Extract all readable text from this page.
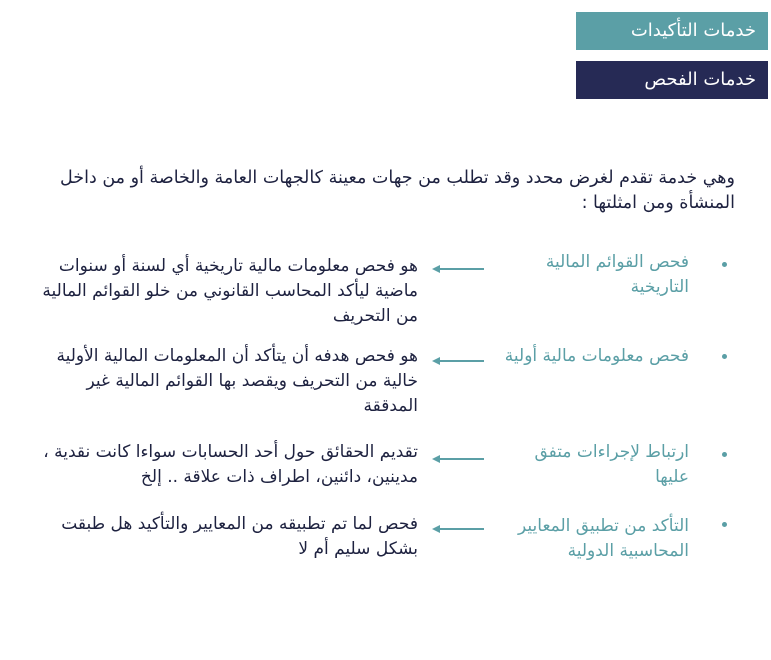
خدمات التأكيدات
خدمات الفحص
وهي خدمة تقدم لغرض محدد وقد تطلب من جهات معينة كالجهات العامة والخاصة أو من داخل المنشأة ومن امثلتها :
فحص القوائم المالية التاريخية
هو فحص معلومات مالية تاريخية أي لسنة أو سنوات ماضية ليأكد المحاسب القانوني من خلو القوائم المالية من التحريف
فحص معلومات مالية أولية
هو فحص هدفه أن يتأكد أن المعلومات المالية الأولية خالية من التحريف ويقصد بها القوائم المالية غير المدققة
ارتباط لإجراءات متفق عليها
تقديم الحقائق حول أحد الحسابات سواءا كانت نقدية ، مدينين، دائنين، اطراف ذات علاقة .. إلخ
التأكد من تطبيق المعايير المحاسبية الدولية
فحص لما تم تطبيقه من المعايير والتأكيد هل طبقت بشكل سليم أم لا
